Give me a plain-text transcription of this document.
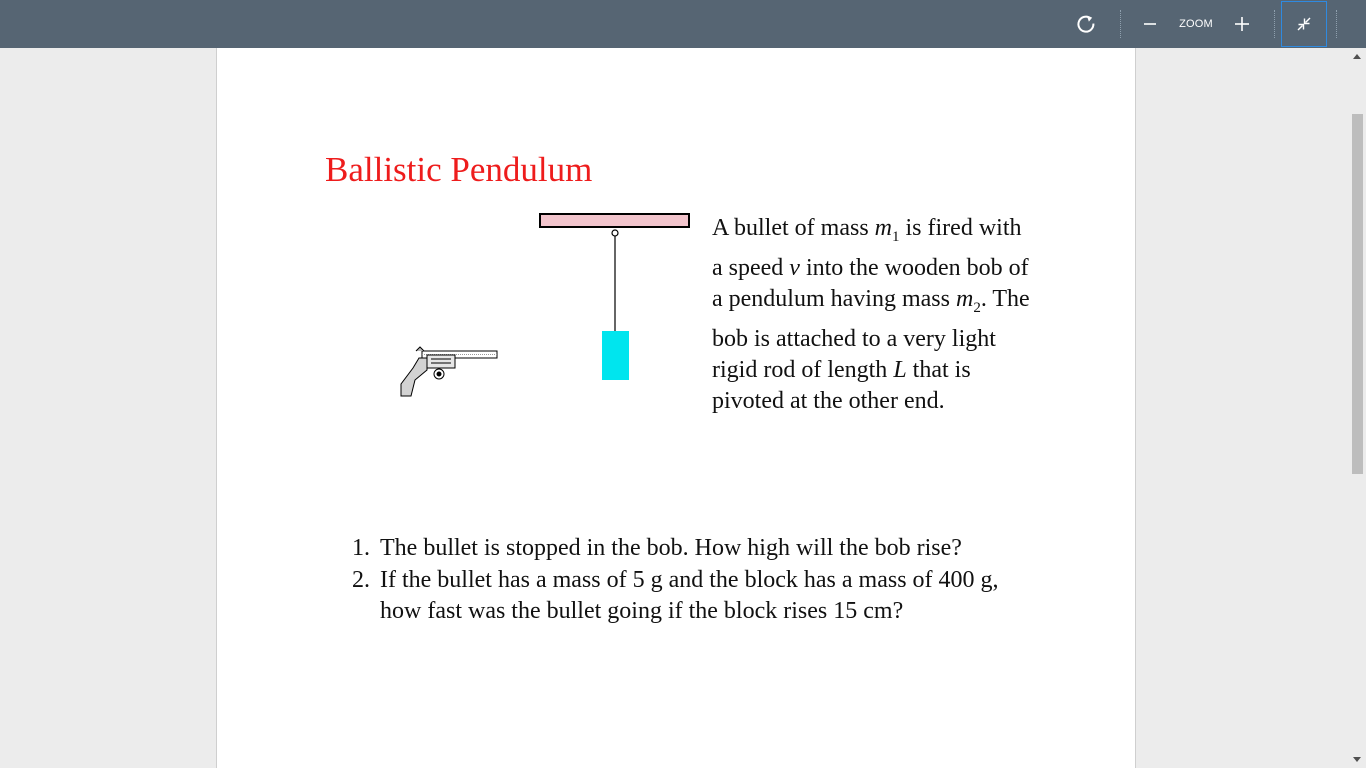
ZOOM
Ballistic Pendulum
A bullet of mass $m_1$ is fired with a speed v into the wooden bob of a pendulum having mass $m_2$. The bob is attached to a very light rigid rod of length L that is pivoted at the other end.
1. The bullet is stopped in the bob. How high will the bob rise?
2. If the bullet has a mass of 5 g and the block has a mass of 400 g, how fast was the bullet going if the block rises 15 cm?
